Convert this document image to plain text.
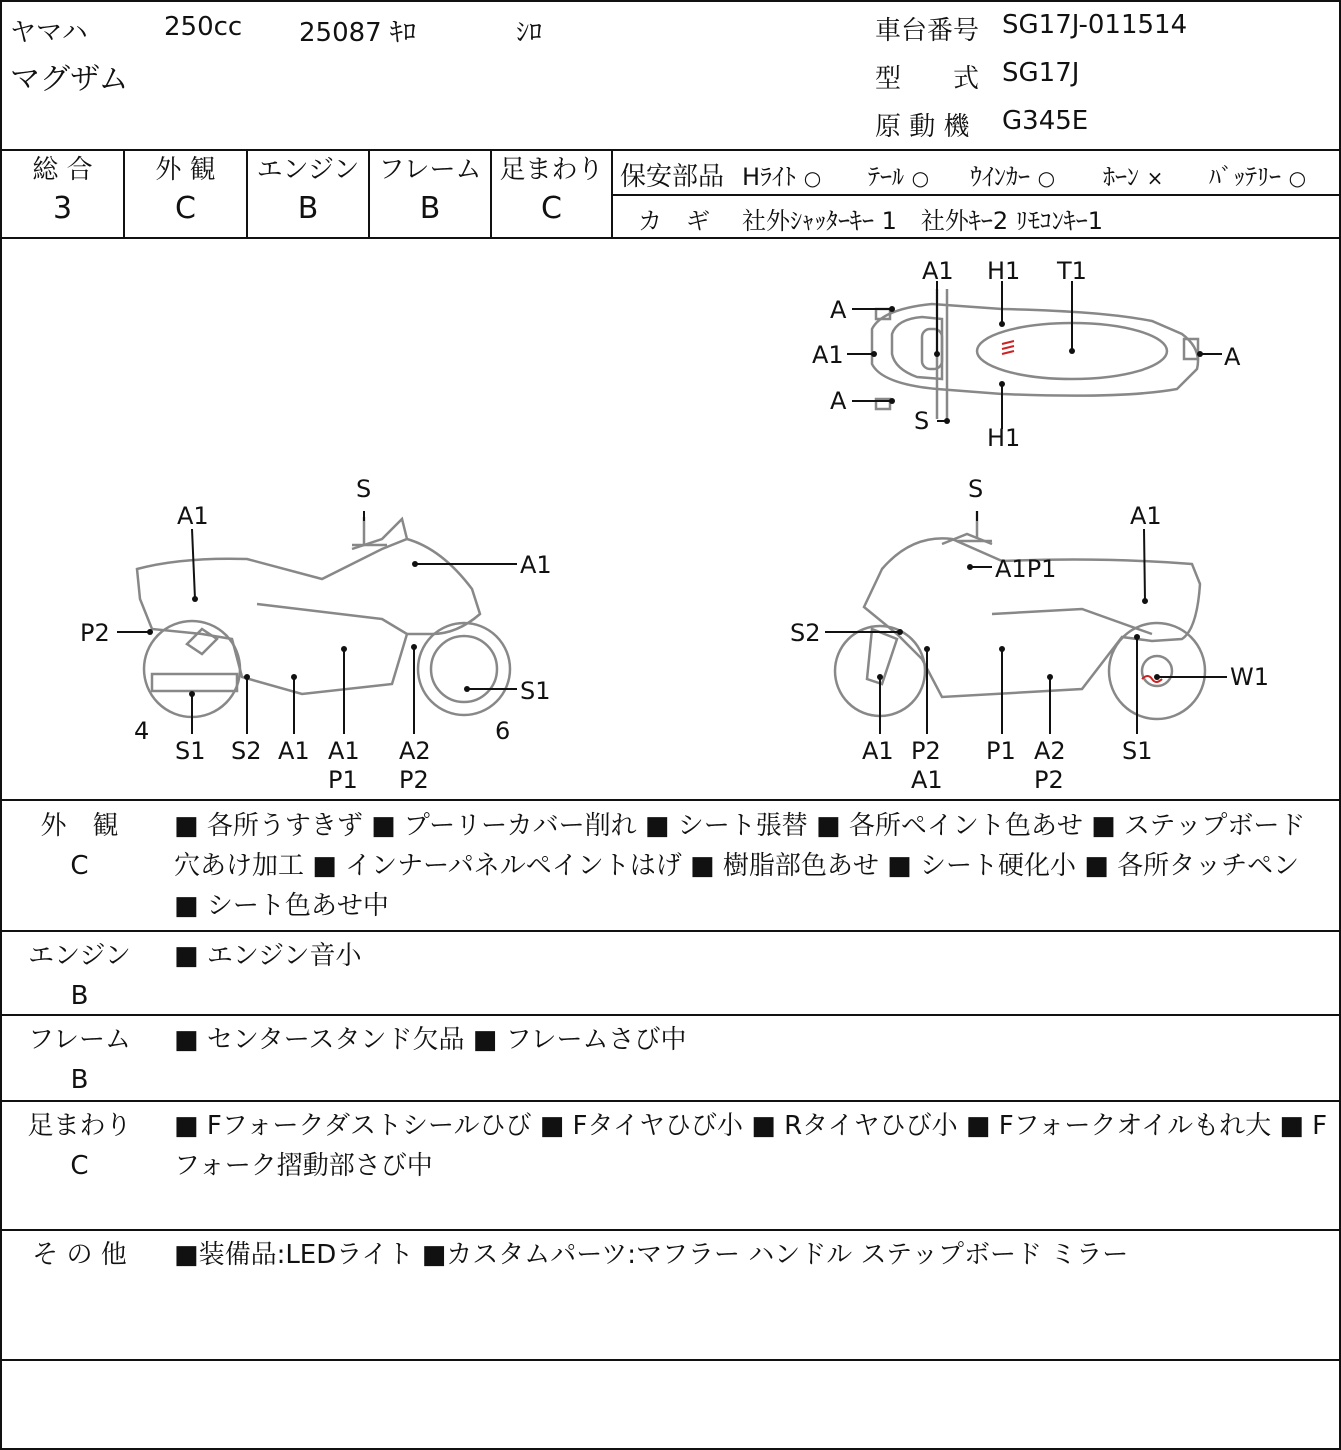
ヤマハ
マグザム
250cc 25087 ｷﾛ	ｼﾛ	車台番号 SG17J-011514
型　　式 SG17J
原 動 機 G345E
総 合
3
外 観
C
エンジン
B
フレーム
B
足まわり
C
保安部品 Hﾗｲﾄ ○ ﾃｰﾙ ○ ｳｲﾝｶｰ ○ ﾎｰﾝ × ﾊﾞｯﾃﾘｰ ○
カ　ギ 社外ｼｬｯﾀｰｷｰ 1　社外ｷｰ2 ﾘﾓｺﾝｷｰ1
A1 H1 T1
A
A1
A
S
H1
A
S
A1
A1
P2
S1
4	6
S1 S2 A1 A1
P1
A2
P2
S
A1
A1P1
S2
W1
A1 P2
A1
P1 A2
P2
S1
外　観
C
■ 各所うすきず ■ プーリーカバー削れ ■ シート張替 ■ 各所ペイント色あせ ■ ステップボード穴あけ加工 ■ インナーパネルペイントはげ ■ 樹脂部色あせ ■ シート硬化小 ■ 各所タッチペン ■ シート色あせ中
エンジン
B
■ エンジン音小
フレーム
B
■ センタースタンド欠品 ■ フレームさび中
足まわり
C
■ Fフォークダストシールひび ■ Fタイヤひび小 ■ Rタイヤひび小 ■ Fフォークオイルもれ大 ■ Fフォーク摺動部さび中
そ の 他	■装備品:LEDライト ■カスタムパーツ:マフラー ハンドル ステップボード ミラー
